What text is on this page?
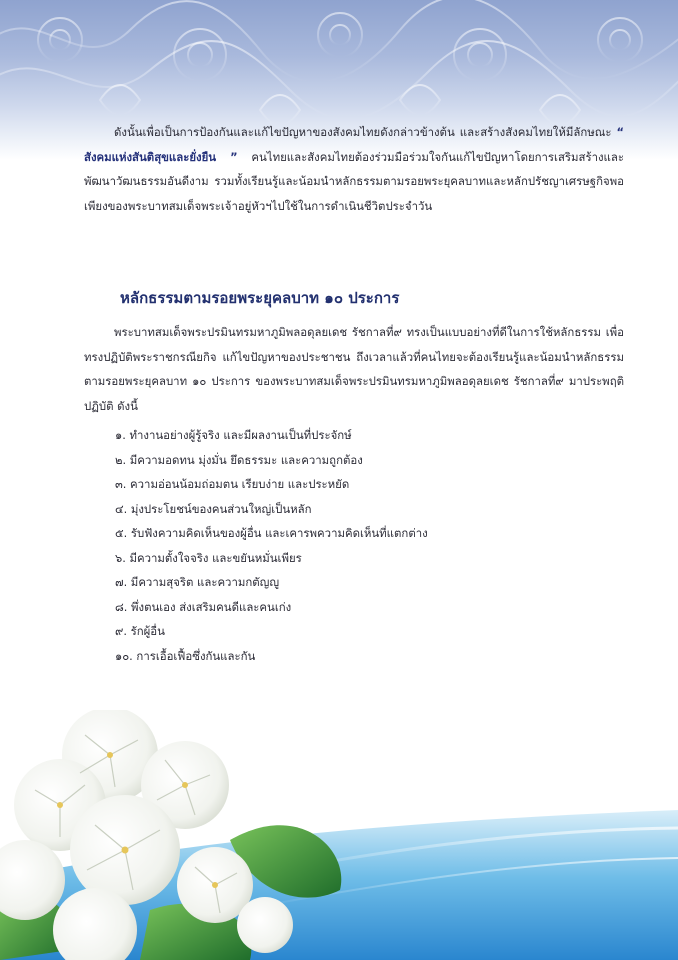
ดังนั้นเพื่อเป็นการป้องกันและแก้ไขปัญหาของสังคมไทยดังกล่าวข้างต้น และสร้างสังคมไทยให้มีลักษณะ “ สังคมแห่งสันติสุขและยั่งยืน ” คนไทยและสังคมไทยต้องร่วมมือร่วมใจกันแก้ไขปัญหาโดยการเสริมสร้างและพัฒนาวัฒนธรรมอันดีงาม รวมทั้งเรียนรู้และน้อมนำหลักธรรมตามรอยพระยุคลบาทและหลักปรัชญาเศรษฐกิจพอเพียงของพระบาทสมเด็จพระเจ้าอยู่หัวฯไปใช้ในการดำเนินชีวิตประจำวัน

หลักธรรมตามรอยพระยุคลบาท ๑๐ ประการ

พระบาทสมเด็จพระปรมินทรมหาภูมิพลอดุลยเดช รัชกาลที่๙ ทรงเป็นแบบอย่างที่ดีในการใช้หลักธรรม เพื่อทรงปฏิบัติพระราชกรณียกิจ แก้ไขปัญหาของประชาชน ถึงเวลาแล้วที่คนไทยจะต้องเรียนรู้และน้อมนำหลักธรรมตามรอยพระยุคลบาท ๑๐ ประการ ของพระบาทสมเด็จพระปรมินทรมหาภูมิพลอดุลยเดช รัชกาลที่๙ มาประพฤติปฏิบัติ ดังนี้

๑. ทำงานอย่างผู้รู้จริง และมีผลงานเป็นที่ประจักษ์
๒. มีความอดทน มุ่งมั่น ยึดธรรมะ และความถูกต้อง
๓. ความอ่อนน้อมถ่อมตน เรียบง่าย และประหยัด
๔. มุ่งประโยชน์ของคนส่วนใหญ่เป็นหลัก
๕. รับฟังความคิดเห็นของผู้อื่น และเคารพความคิดเห็นที่แตกต่าง
๖. มีความตั้งใจจริง และขยันหมั่นเพียร
๗. มีความสุจริต และความกตัญญู
๘. พึ่งตนเอง ส่งเสริมคนดีและคนเก่ง
๙. รักผู้อื่น
๑๐. การเอื้อเฟื้อซึ่งกันและกัน
